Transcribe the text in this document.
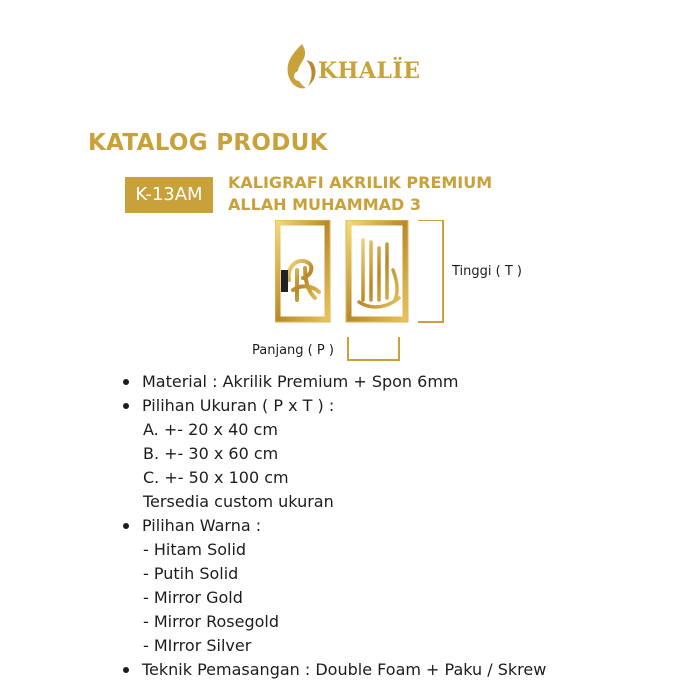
KHALÏE
KATALOG PRODUK
K-13AM
KALIGRAFI AKRILIK PREMIUM
ALLAH MUHAMMAD 3
Tinggi ( T )
Panjang ( P )
Material : Akrilik Premium + Spon 6mm
Pilihan Ukuran ( P x T ) :
A. +- 20 x 40 cm
B. +- 30 x 60 cm
C. +- 50 x 100 cm
Tersedia custom ukuran
Pilihan Warna :
- Hitam Solid
- Putih Solid
- Mirror Gold
- Mirror Rosegold
- MIrror Silver
Teknik Pemasangan : Double Foam + Paku / Skrew
